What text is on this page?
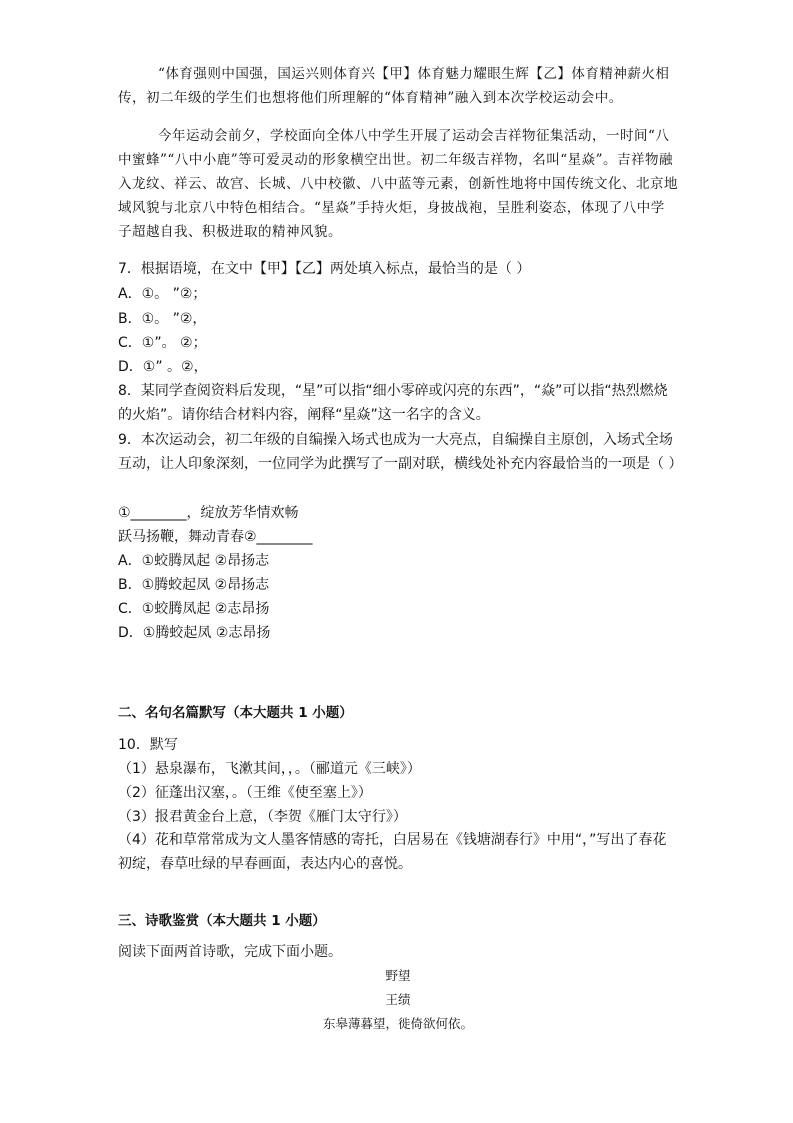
“体育强则中国强，国运兴则体育兴【甲】体育魅力耀眼生辉【乙】体育精神薪火相传，初二年级的学生们也想将他们所理解的“体育精神”融入到本次学校运动会中。

今年运动会前夕，学校面向全体八中学生开展了运动会吉祥物征集活动，一时间“八中蜜蜂”“八中小鹿”等可爱灵动的形象横空出世。初二年级吉祥物，名叫“星焱”。吉祥物融入龙纹、祥云、故宫、长城、八中校徽、八中蓝等元素，创新性地将中国传统文化、北京地域风貌与北京八中特色相结合。“星焱”手持火炬，身披战袍，呈胜利姿态，体现了八中学子超越自我、积极进取的精神风貌。

7．根据语境，在文中【甲】【乙】两处填入标点，最恰当的是（ ）
A．①。 ”②；
B．①。 ”②，
C．①”。 ②；
D．①” 。②，

8．某同学查阅资料后发现，“星”可以指“细小零碎或闪亮的东西”，“焱”可以指“热烈燃烧的火焰”。请你结合材料内容，阐释“星焱”这一名字的含义。

9．本次运动会，初二年级的自编操入场式也成为一大亮点，自编操自主原创，入场式全场互动，让人印象深刻，一位同学为此撰写了一副对联，横线处补充内容最恰当的一项是（ ）

①________，绽放芳华情欢畅
跃马扬鞭，舞动青春②________
A．①蛟腾凤起 ②昂扬志
B．①腾蛟起凤 ②昂扬志
C．①蛟腾凤起 ②志昂扬
D．①腾蛟起凤 ②志昂扬
二、名句名篇默写（本大题共 1 小题）
10．默写
（1）悬泉瀑布，飞漱其间，，。（郦道元《三峡》）
（2）征蓬出汉塞，。（王维《使至塞上》）
（3）报君黄金台上意，（李贺《雁门太守行》）

（4）花和草常常成为文人墨客情感的寄托，白居易在《钱塘湖春行》中用“，”写出了春花初绽，春草吐绿的早春画面，表达内心的喜悦。

三、诗歌鉴赏（本大题共 1 小题）
阅读下面两首诗歌，完成下面小题。
野望
王绩
东皋薄暮望，徙倚欲何依。
